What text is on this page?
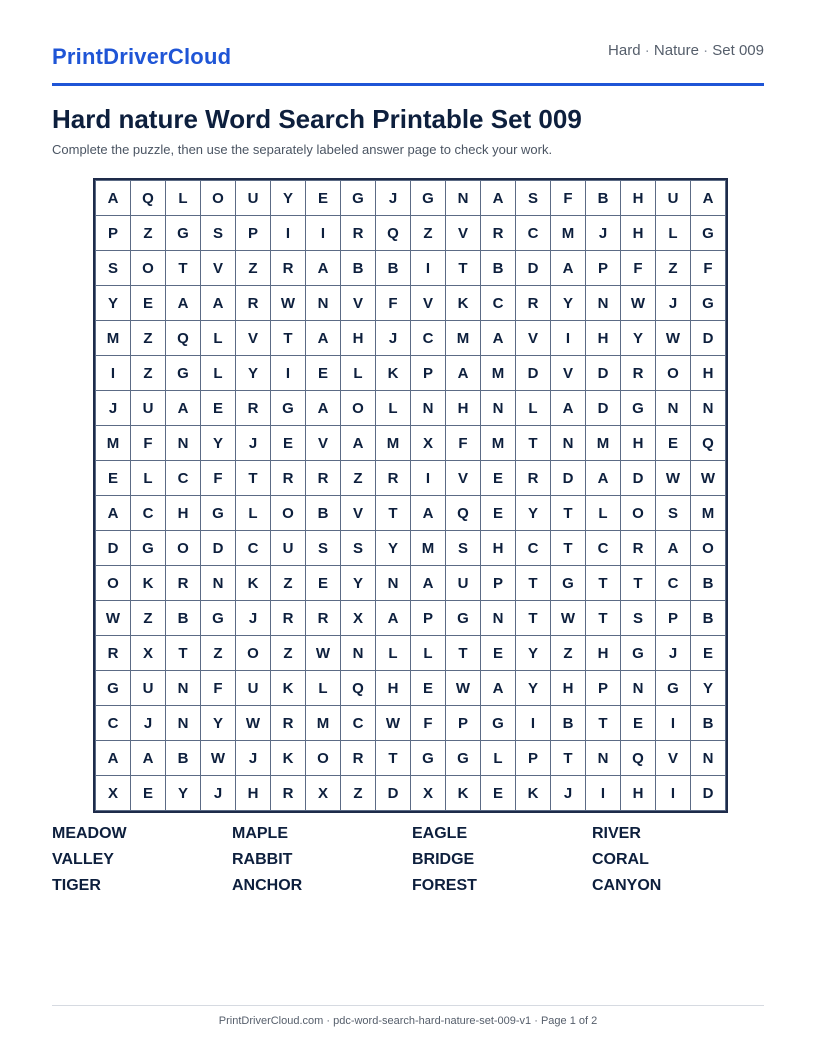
PrintDriverCloud	Hard · Nature · Set 009
Hard nature Word Search Printable Set 009
Complete the puzzle, then use the separately labeled answer page to check your work.
A	Q	L	O	U	Y	E	G	J	G	N	A	S	F	B	H	U	A
P	Z	G	S	P	I	I	R	Q	Z	V	R	C	M	J	H	L	G
S	O	T	V	Z	R	A	B	B	I	T	B	D	A	P	F	Z	F
Y	E	A	A	R	W	N	V	F	V	K	C	R	Y	N	W	J	G
M	Z	Q	L	V	T	A	H	J	C	M	A	V	I	H	Y	W	D
I	Z	G	L	Y	I	E	L	K	P	A	M	D	V	D	R	O	H
J	U	A	E	R	G	A	O	L	N	H	N	L	A	D	G	N	N
M	F	N	Y	J	E	V	A	M	X	F	M	T	N	M	H	E	Q
E	L	C	F	T	R	R	Z	R	I	V	E	R	D	A	D	W	W
A	C	H	G	L	O	B	V	T	A	Q	E	Y	T	L	O	S	M
D	G	O	D	C	U	S	S	Y	M	S	H	C	T	C	R	A	O
O	K	R	N	K	Z	E	Y	N	A	U	P	T	G	T	T	C	B
W	Z	B	G	J	R	R	X	A	P	G	N	T	W	T	S	P	B
R	X	T	Z	O	Z	W	N	L	L	T	E	Y	Z	H	G	J	E
G	U	N	F	U	K	L	Q	H	E	W	A	Y	H	P	N	G	Y
C	J	N	Y	W	R	M	C	W	F	P	G	I	B	T	E	I	B
A	A	B	W	J	K	O	R	T	G	G	L	P	T	N	Q	V	N
X	E	Y	J	H	R	X	Z	D	X	K	E	K	J	I	H	I	D
MEADOW	MAPLE	EAGLE	RIVER
VALLEY	RABBIT	BRIDGE	CORAL
TIGER	ANCHOR	FOREST	CANYON
PrintDriverCloud.com · pdc-word-search-hard-nature-set-009-v1 · Page 1 of 2
